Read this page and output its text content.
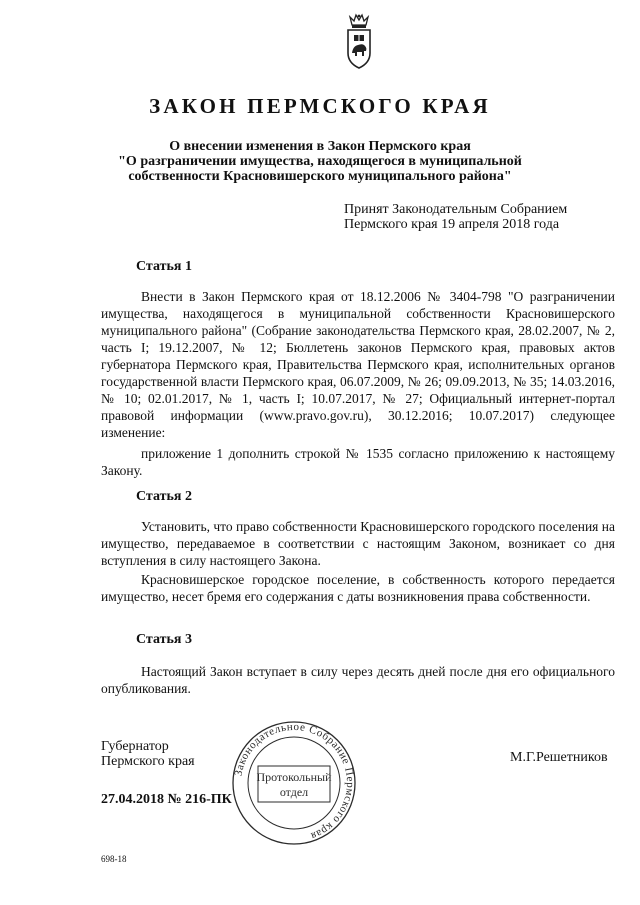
ЗАКОН ПЕРМСКОГО КРАЯ
О внесении изменения в Закон Пермского края
"О разграничении имущества, находящегося в муниципальной
собственности Красновишерского муниципального района"
Принят Законодательным Собранием
Пермского края 19 апреля 2018 года
Статья 1
Внести в Закон Пермского края от 18.12.2006 № 3404-798 "О разграничении имущества, находящегося в муниципальной собственности Красновишерского муниципального района" (Собрание законодательства Пермского края, 28.02.2007, № 2, часть I; 19.12.2007, № 12; Бюллетень законов Пермского края, правовых актов губернатора Пермского края, Правительства Пермского края, исполнительных органов государственной власти Пермского края, 06.07.2009, № 26; 09.09.2013, № 35; 14.03.2016, № 10; 02.01.2017, № 1, часть I; 10.07.2017, № 27; Официальный интернет-портал правовой информации (www.pravo.gov.ru), 30.12.2016; 10.07.2017) следующее изменение:
приложение 1 дополнить строкой № 1535 согласно приложению к настоящему Закону.
Статья 2
Установить, что право собственности Красновишерского городского поселения на имущество, передаваемое в соответствии с настоящим Законом, возникает со дня вступления в силу настоящего Закона.
Красновишерское городское поселение, в собственность которого передается имущество, несет бремя его содержания с даты возникновения права собственности.
Статья 3
Настоящий Закон вступает в силу через десять дней после дня его официального опубликования.
Губернатор
Пермского края	М.Г.Решетников
27.04.2018 № 216-ПК
698-18
Законодательное Собрание Пермского края
Протокольный
отдел
